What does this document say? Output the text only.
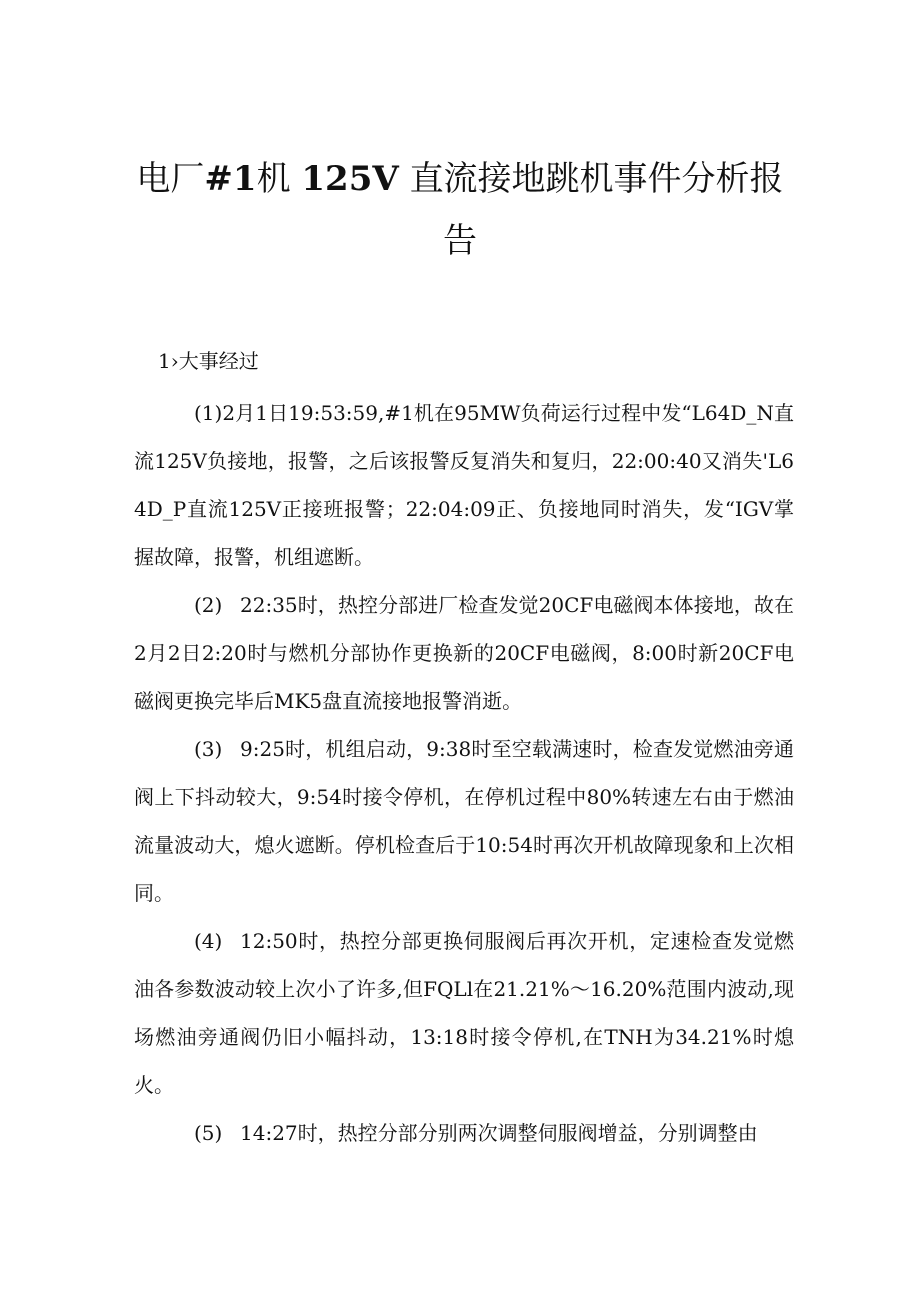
电厂#1机 125V 直流接地跳机事件分析报
告

1›大事经过

(1)2月1日19:53:59,#1机在95MW负荷运行过程中发“L64D_N直流125V负接地，报警，之后该报警反复消失和复归，22:00:40又消失'L64D_P直流125V正接班报警；22:04:09正、负接地同时消失，发“IGV掌握故障，报警，机组遮断。

(2) 22:35时，热控分部进厂检查发觉20CF电磁阀本体接地，故在2月2日2:20时与燃机分部协作更换新的20CF电磁阀，8:00时新20CF电磁阀更换完毕后MK5盘直流接地报警消逝。

(3) 9:25时，机组启动，9:38时至空载满速时，检查发觉燃油旁通阀上下抖动较大，9:54时接令停机，在停机过程中80%转速左右由于燃油流量波动大，熄火遮断。停机检查后于10:54时再次开机故障现象和上次相同。

(4) 12:50时，热控分部更换伺服阀后再次开机，定速检查发觉燃油各参数波动较上次小了许多,但FQLl在21.21%～16.20%范围内波动,现场燃油旁通阀仍旧小幅抖动，13:18时接令停机,在TNH为34.21%时熄火。

(5) 14:27时，热控分部分别两次调整伺服阀增益，分别调整由
